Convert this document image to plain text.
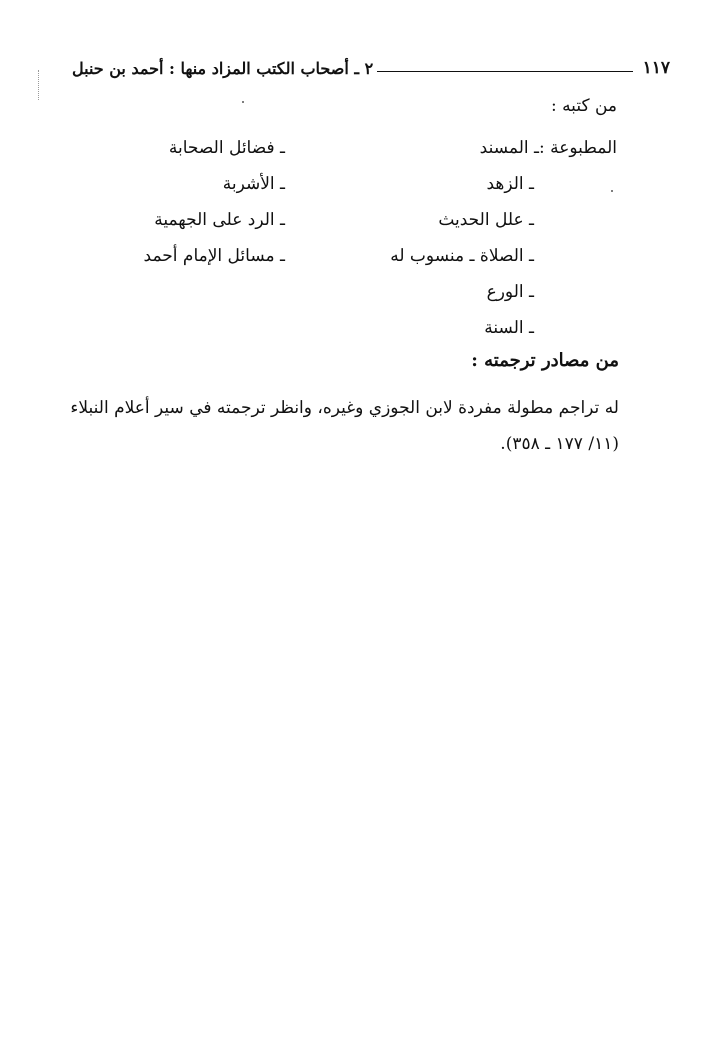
١١٧
٢ ـ أصحاب الكتب المزاد منها : أحمد بن حنبل
من كتبه :
المطبوعة :ـ المسند
ـ الزهد
ـ علل الحديث
ـ الصلاة ـ منسوب له
ـ الورع
ـ السنة
ـ فضائل الصحابة
ـ الأشربة
ـ الرد على الجهمية
ـ مسائل الإمام أحمد
من مصادر ترجمته :
له تراجم مطولة مفردة لابن الجوزي وغيره، وانظر ترجمته في سير أعلام النبلاء
(١١/ ١٧٧ ـ ٣٥٨).
